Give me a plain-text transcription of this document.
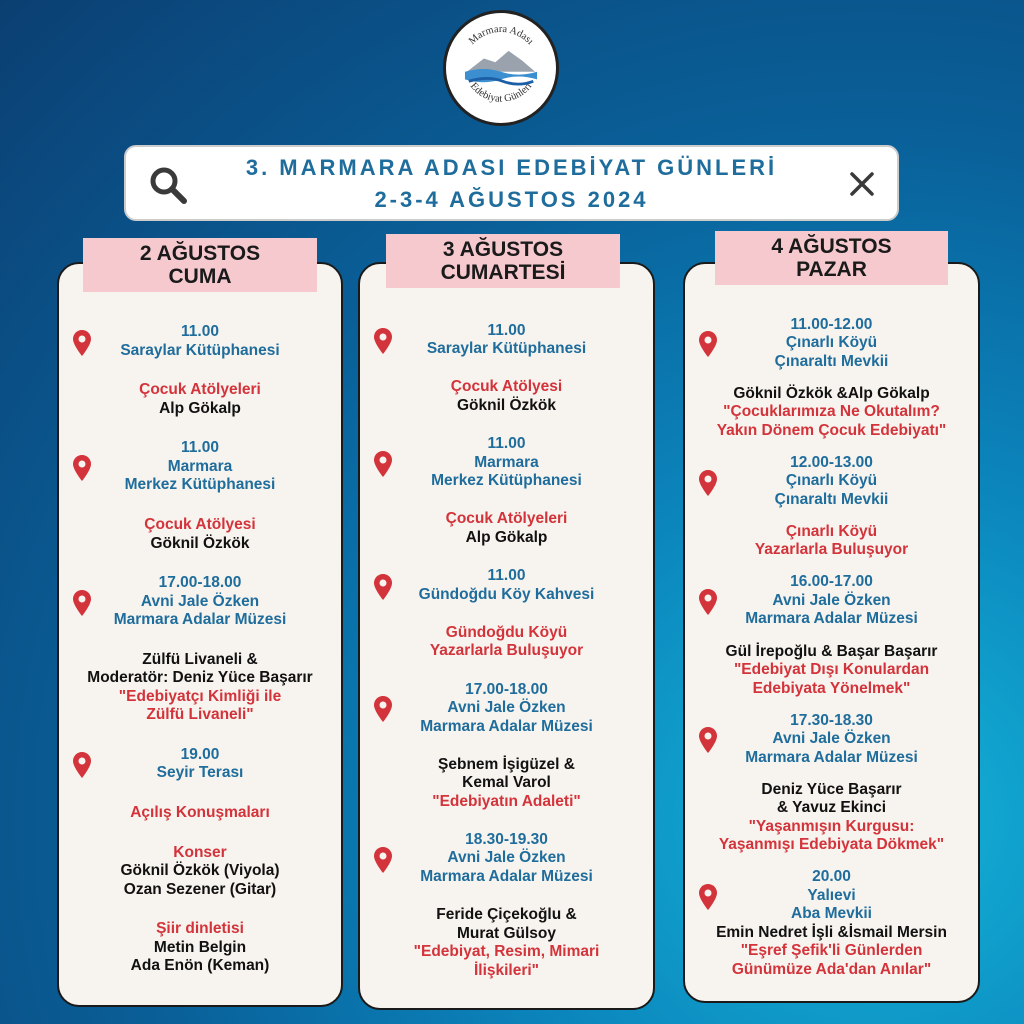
Marmara Adası
Edebiyat Günleri
3. MARMARA ADASI EDEBİYAT GÜNLERİ
2-3-4 AĞUSTOS 2024
2 AĞUSTOS
CUMA
11.00
Saraylar Kütüphanesi
Çocuk Atölyeleri
Alp Gökalp
11.00
Marmara
Merkez Kütüphanesi
Çocuk Atölyesi
Göknil Özkök
17.00-18.00
Avni Jale Özken
Marmara Adalar Müzesi
Zülfü Livaneli &
Moderatör: Deniz Yüce Başarır
"Edebiyatçı Kimliği ile
Zülfü Livaneli"
19.00
Seyir Terası
Açılış Konuşmaları
Konser
Göknil Özkök (Viyola)
Ozan Sezener (Gitar)
Şiir dinletisi
Metin Belgin
Ada Enön (Keman)
3 AĞUSTOS
CUMARTESİ
11.00
Saraylar Kütüphanesi
Çocuk Atölyesi
Göknil Özkök
11.00
Marmara
Merkez Kütüphanesi
Çocuk Atölyeleri
Alp Gökalp
11.00
Gündoğdu Köy Kahvesi
Gündoğdu Köyü
Yazarlarla Buluşuyor
17.00-18.00
Avni Jale Özken
Marmara Adalar Müzesi
Şebnem İşigüzel &
Kemal Varol
"Edebiyatın Adaleti"
18.30-19.30
Avni Jale Özken
Marmara Adalar Müzesi
Feride Çiçekoğlu &
Murat Gülsoy
"Edebiyat, Resim, Mimari
İlişkileri"
4 AĞUSTOS
PAZAR
11.00-12.00
Çınarlı Köyü
Çınaraltı Mevkii
Göknil Özkök &Alp Gökalp
"Çocuklarımıza Ne Okutalım?
Yakın Dönem Çocuk Edebiyatı"
12.00-13.00
Çınarlı Köyü
Çınaraltı Mevkii
Çınarlı Köyü
Yazarlarla Buluşuyor
16.00-17.00
Avni Jale Özken
Marmara Adalar Müzesi
Gül İrepoğlu & Başar Başarır
"Edebiyat Dışı Konulardan
Edebiyata Yönelmek"
17.30-18.30
Avni Jale Özken
Marmara Adalar Müzesi
Deniz Yüce Başarır
& Yavuz Ekinci
"Yaşanmışın Kurgusu:
Yaşanmışı Edebiyata Dökmek"
20.00
Yalıevi
Aba Mevkii
Emin Nedret İşli &İsmail Mersin
"Eşref Şefik'li Günlerden
Günümüze Ada'dan Anılar"
